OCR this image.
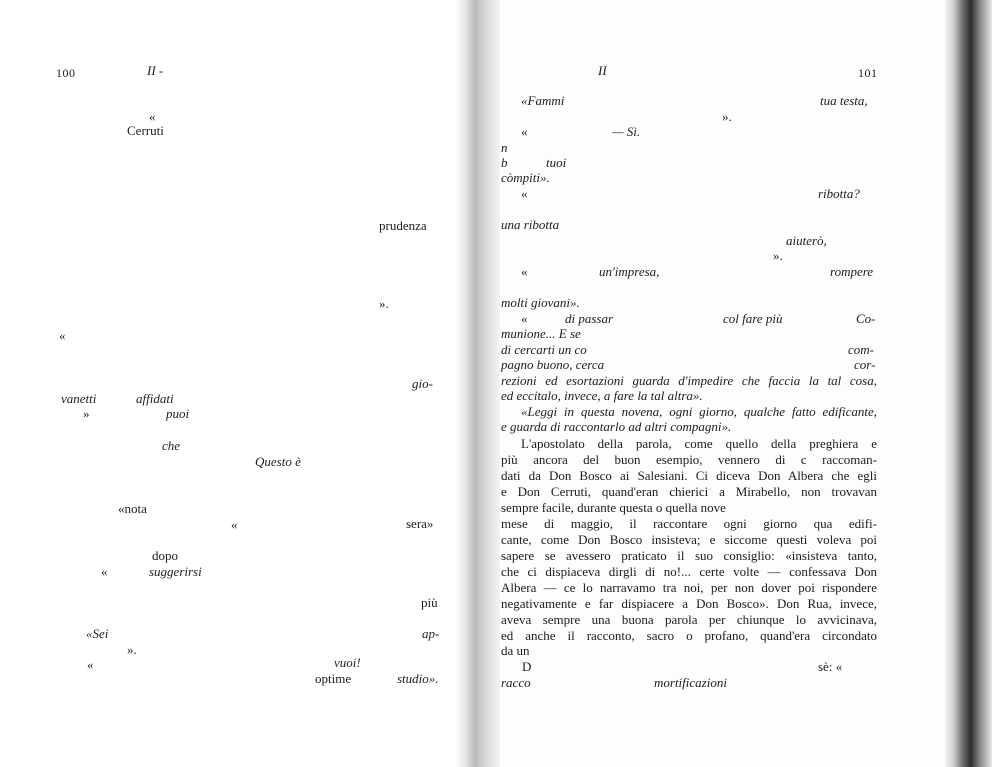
100	II -
«
Cerruti
prudenza
».
«
gio-
vanetti	affidati
»	puoi
che
Questo è
«nota
«	sera»
dopo
«	suggerirsi
più
«Sei	ap-
».
«	vuoi!
optime	studio».
II	101
«Fammi	tua testa,
».
«	— Sì.
n
b	tuoi
còmpiti».
«	ribotta?
una ribotta
aiuterò,
».
«	un'impresa,	rompere
molti giovani».
«	di passar	col fare più	Co-
munione... E se
di cercarti un co	com-
pagno buono, cerca	cor-
rezioni ed esortazioni guarda d'impedire che faccia la tal cosa,
ed eccitalo, invece, a fare la tal altra».
«Leggi in questa novena, ogni giorno, qualche fatto edificante,
e guarda di raccontarlo ad altri compagni».
L'apostolato della parola, come quello della preghiera e
più ancora del buon esempio, vennero di c raccoman-
dati da Don Bosco ai Salesiani. Ci diceva Don Albera che egli
e Don Cerruti, quand'eran chierici a Mirabello, non trovavan
sempre facile, durante questa o quella nove
mese di maggio, il raccontare ogni giorno qua edifi-
cante, come Don Bosco insisteva; e siccome questi voleva poi
sapere se avessero praticato il suo consiglio: «insisteva tanto,
che ci dispiaceva dirgli di no!... certe volte — confessava Don
Albera — ce lo narravamo tra noi, per non dover poi rispondere
negativamente e far dispiacere a Don Bosco». Don Rua, invece,
aveva sempre una buona parola per chiunque lo avvicinava,
ed anche il racconto, sacro o profano, quand'era circondato
da un
D	sè: «
racco	mortificazioni
